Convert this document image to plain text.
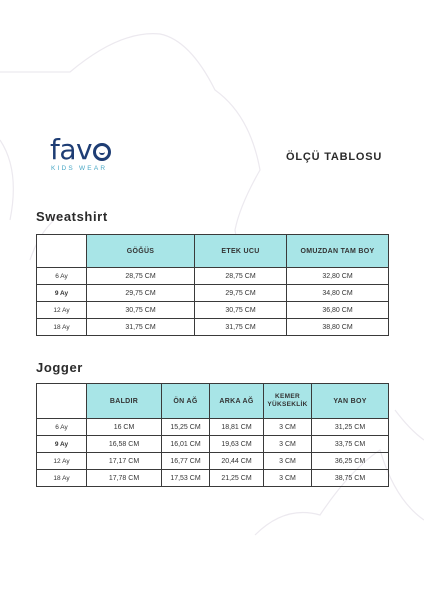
fav
KIDS WEAR
ÖLÇÜ TABLOSU
Sweatshirt
	GÖĞÜS	ETEK UCU	OMUZDAN TAM BOY
6 Ay	28,75 CM	28,75 CM	32,80 CM
9 Ay	29,75 CM	29,75 CM	34,80 CM
12 Ay	30,75 CM	30,75 CM	36,80 CM
18 Ay	31,75 CM	31,75 CM	38,80 CM
Jogger
	BALDIR	ÖN AĞ	ARKA AĞ	KEMER YÜKSEKLİK	YAN BOY
6 Ay	16 CM	15,25 CM	18,81 CM	3 CM	31,25 CM
9 Ay	16,58 CM	16,01 CM	19,63 CM	3 CM	33,75 CM
12 Ay	17,17 CM	16,77 CM	20,44 CM	3 CM	36,25 CM
18 Ay	17,78 CM	17,53 CM	21,25 CM	3 CM	38,75 CM
